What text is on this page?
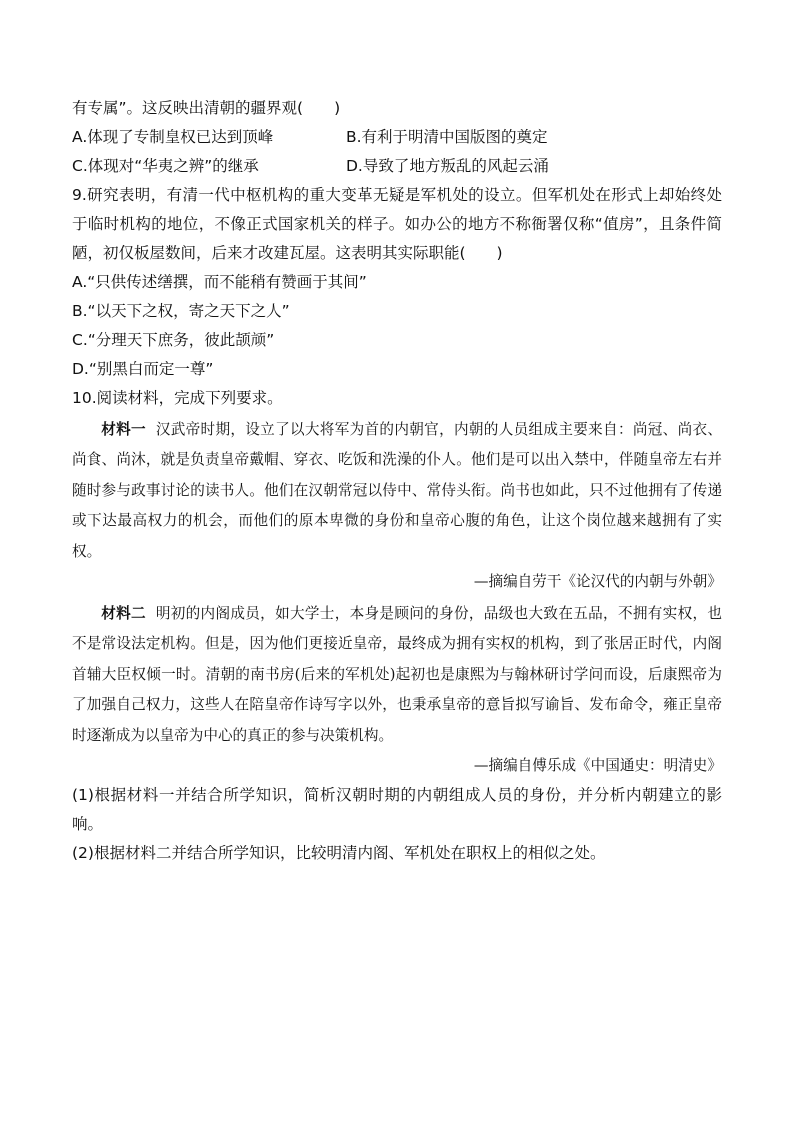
有专属”。这反映出清朝的疆界观(　　)
A.体现了专制皇权已达到顶峰	B.有利于明清中国版图的奠定
C.体现对“华夷之辨”的继承	D.导致了地方叛乱的风起云涌
9.研究表明，有清一代中枢机构的重大变革无疑是军机处的设立。但军机处在形式上却始终处于临时机构的地位，不像正式国家机关的样子。如办公的地方不称衙署仅称“值房”，且条件简陋，初仅板屋数间，后来才改建瓦屋。这表明其实际职能(　　)
A.“只供传述缮撰，而不能稍有赞画于其间”
B.“以天下之权，寄之天下之人”
C.“分理天下庶务，彼此颉颃”
D.“别黑白而定一尊”
10.阅读材料，完成下列要求。
材料一 汉武帝时期，设立了以大将军为首的内朝官，内朝的人员组成主要来自：尚冠、尚衣、尚食、尚沐，就是负责皇帝戴帽、穿衣、吃饭和洗澡的仆人。他们是可以出入禁中，伴随皇帝左右并随时参与政事讨论的读书人。他们在汉朝常冠以侍中、常侍头衔。尚书也如此，只不过他拥有了传递或下达最高权力的机会，而他们的原本卑微的身份和皇帝心腹的角色，让这个岗位越来越拥有了实权。
—摘编自劳干《论汉代的内朝与外朝》
材料二 明初的内阁成员，如大学士，本身是顾问的身份，品级也大致在五品，不拥有实权，也不是常设法定机构。但是，因为他们更接近皇帝，最终成为拥有实权的机构，到了张居正时代，内阁首辅大臣权倾一时。清朝的南书房(后来的军机处)起初也是康熙为与翰林研讨学问而设，后康熙帝为了加强自己权力，这些人在陪皇帝作诗写字以外，也秉承皇帝的意旨拟写谕旨、发布命令，雍正皇帝时逐渐成为以皇帝为中心的真正的参与决策机构。
—摘编自傅乐成《中国通史：明清史》
(1)根据材料一并结合所学知识，简析汉朝时期的内朝组成人员的身份，并分析内朝建立的影响。
(2)根据材料二并结合所学知识，比较明清内阁、军机处在职权上的相似之处。
